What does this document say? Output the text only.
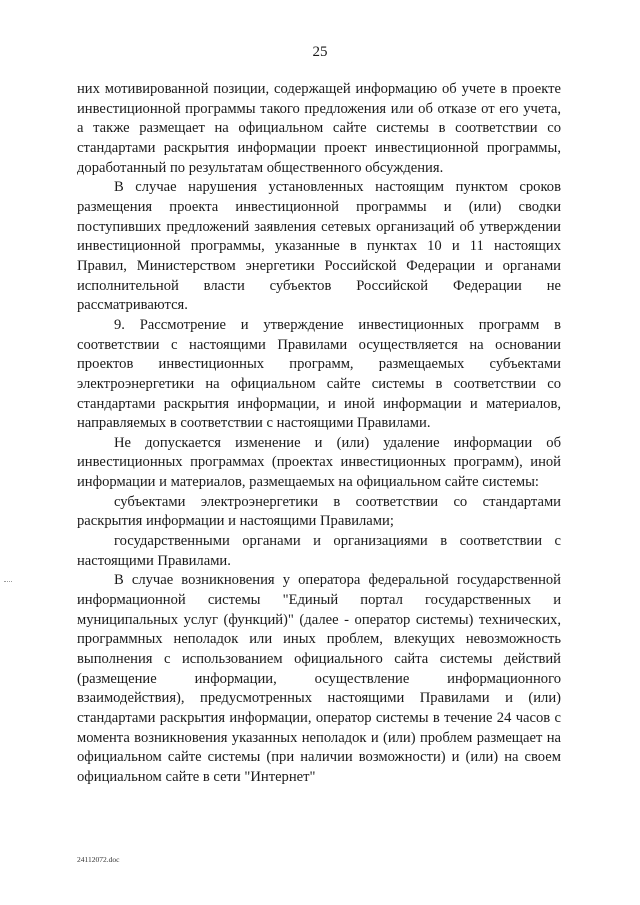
25

них мотивированной позиции, содержащей информацию об учете в проекте инвестиционной программы такого предложения или об отказе от его учета, а также размещает на официальном сайте системы в соответствии со стандартами раскрытия информации проект инвестиционной программы, доработанный по результатам общественного обсуждения.

В случае нарушения установленных настоящим пунктом сроков размещения проекта инвестиционной программы и (или) сводки поступивших предложений заявления сетевых организаций об утверждении инвестиционной программы, указанные в пунктах 10 и 11 настоящих Правил, Министерством энергетики Российской Федерации и органами исполнительной власти субъектов Российской Федерации не рассматриваются.

9. Рассмотрение и утверждение инвестиционных программ в соответствии с настоящими Правилами осуществляется на основании проектов инвестиционных программ, размещаемых субъектами электроэнергетики на официальном сайте системы в соответствии со стандартами раскрытия информации, и иной информации и материалов, направляемых в соответствии с настоящими Правилами.

Не допускается изменение и (или) удаление информации об инвестиционных программах (проектах инвестиционных программ), иной информации и материалов, размещаемых на официальном сайте системы:

субъектами электроэнергетики в соответствии со стандартами раскрытия информации и настоящими Правилами;

государственными органами и организациями в соответствии с настоящими Правилами.

В случае возникновения у оператора федеральной государственной информационной системы "Единый портал государственных и муниципальных услуг (функций)" (далее - оператор системы) технических, программных неполадок или иных проблем, влекущих невозможность выполнения с использованием официального сайта системы действий (размещение информации, осуществление информационного взаимодействия), предусмотренных настоящими Правилами и (или) стандартами раскрытия информации, оператор системы в течение 24 часов с момента возникновения указанных неполадок и (или) проблем размещает на официальном сайте системы (при наличии возможности) и (или) на своем официальном сайте в сети "Интернет"

24112072.doc
